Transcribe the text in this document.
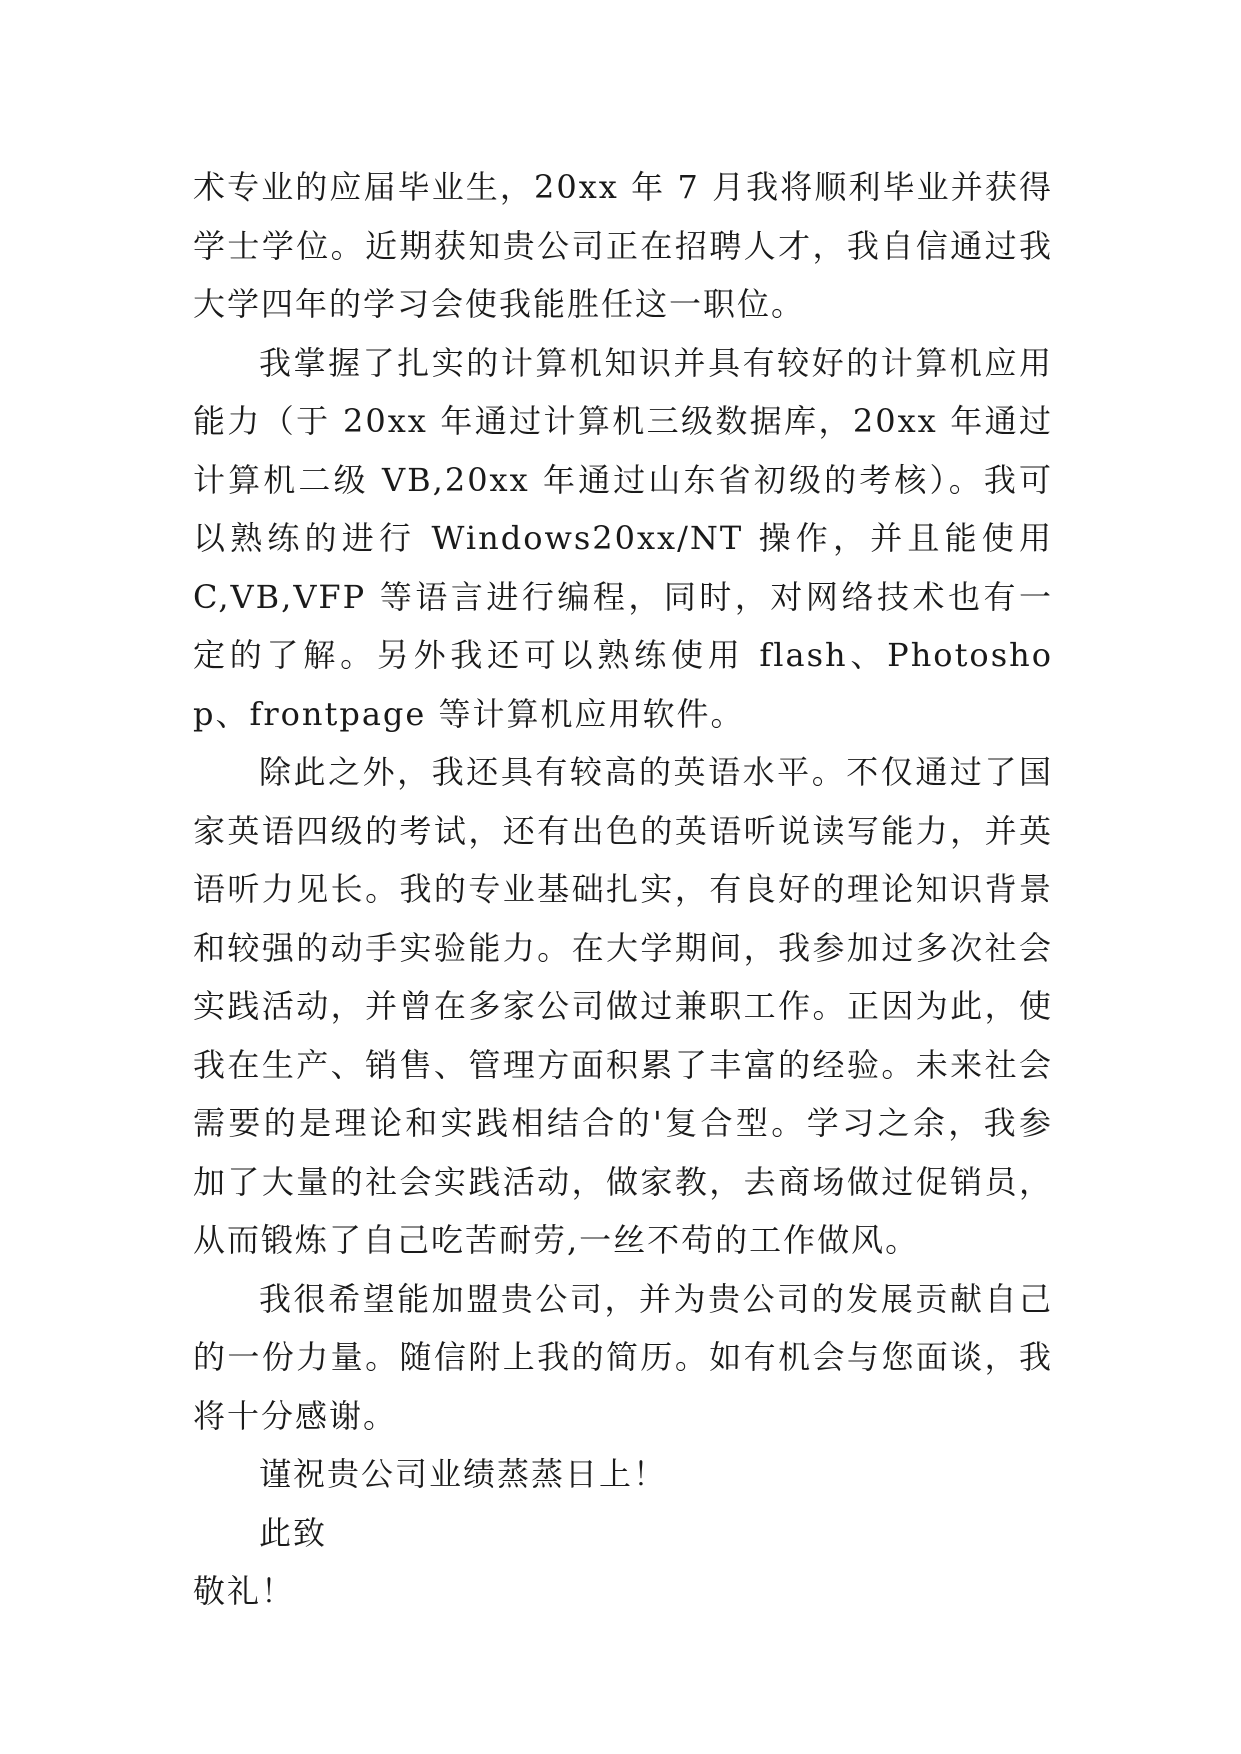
术专业的应届毕业生，20xx 年 7 月我将顺利毕业并获得学士学位。近期获知贵公司正在招聘人才，我自信通过我大学四年的学习会使我能胜任这一职位。

我掌握了扎实的计算机知识并具有较好的计算机应用能力（于 20xx 年通过计算机三级数据库，20xx 年通过计算机二级 VB,20xx 年通过山东省初级的考核）。我可以熟练的进行 Windows20xx/NT 操作，并且能使用 C,VB,VFP 等语言进行编程，同时，对网络技术也有一定的了解。另外我还可以熟练使用 flash、Photoshop、frontpage 等计算机应用软件。

除此之外，我还具有较高的英语水平。不仅通过了国家英语四级的考试，还有出色的英语听说读写能力，并英语听力见长。我的专业基础扎实，有良好的理论知识背景和较强的动手实验能力。在大学期间，我参加过多次社会实践活动，并曾在多家公司做过兼职工作。正因为此，使我在生产、销售、管理方面积累了丰富的经验。未来社会需要的是理论和实践相结合的'复合型。学习之余，我参加了大量的社会实践活动，做家教，去商场做过促销员，从而锻炼了自己吃苦耐劳,一丝不苟的工作做风。

我很希望能加盟贵公司，并为贵公司的发展贡献自己的一份力量。随信附上我的简历。如有机会与您面谈，我将十分感谢。

谨祝贵公司业绩蒸蒸日上！

此致

敬礼！
